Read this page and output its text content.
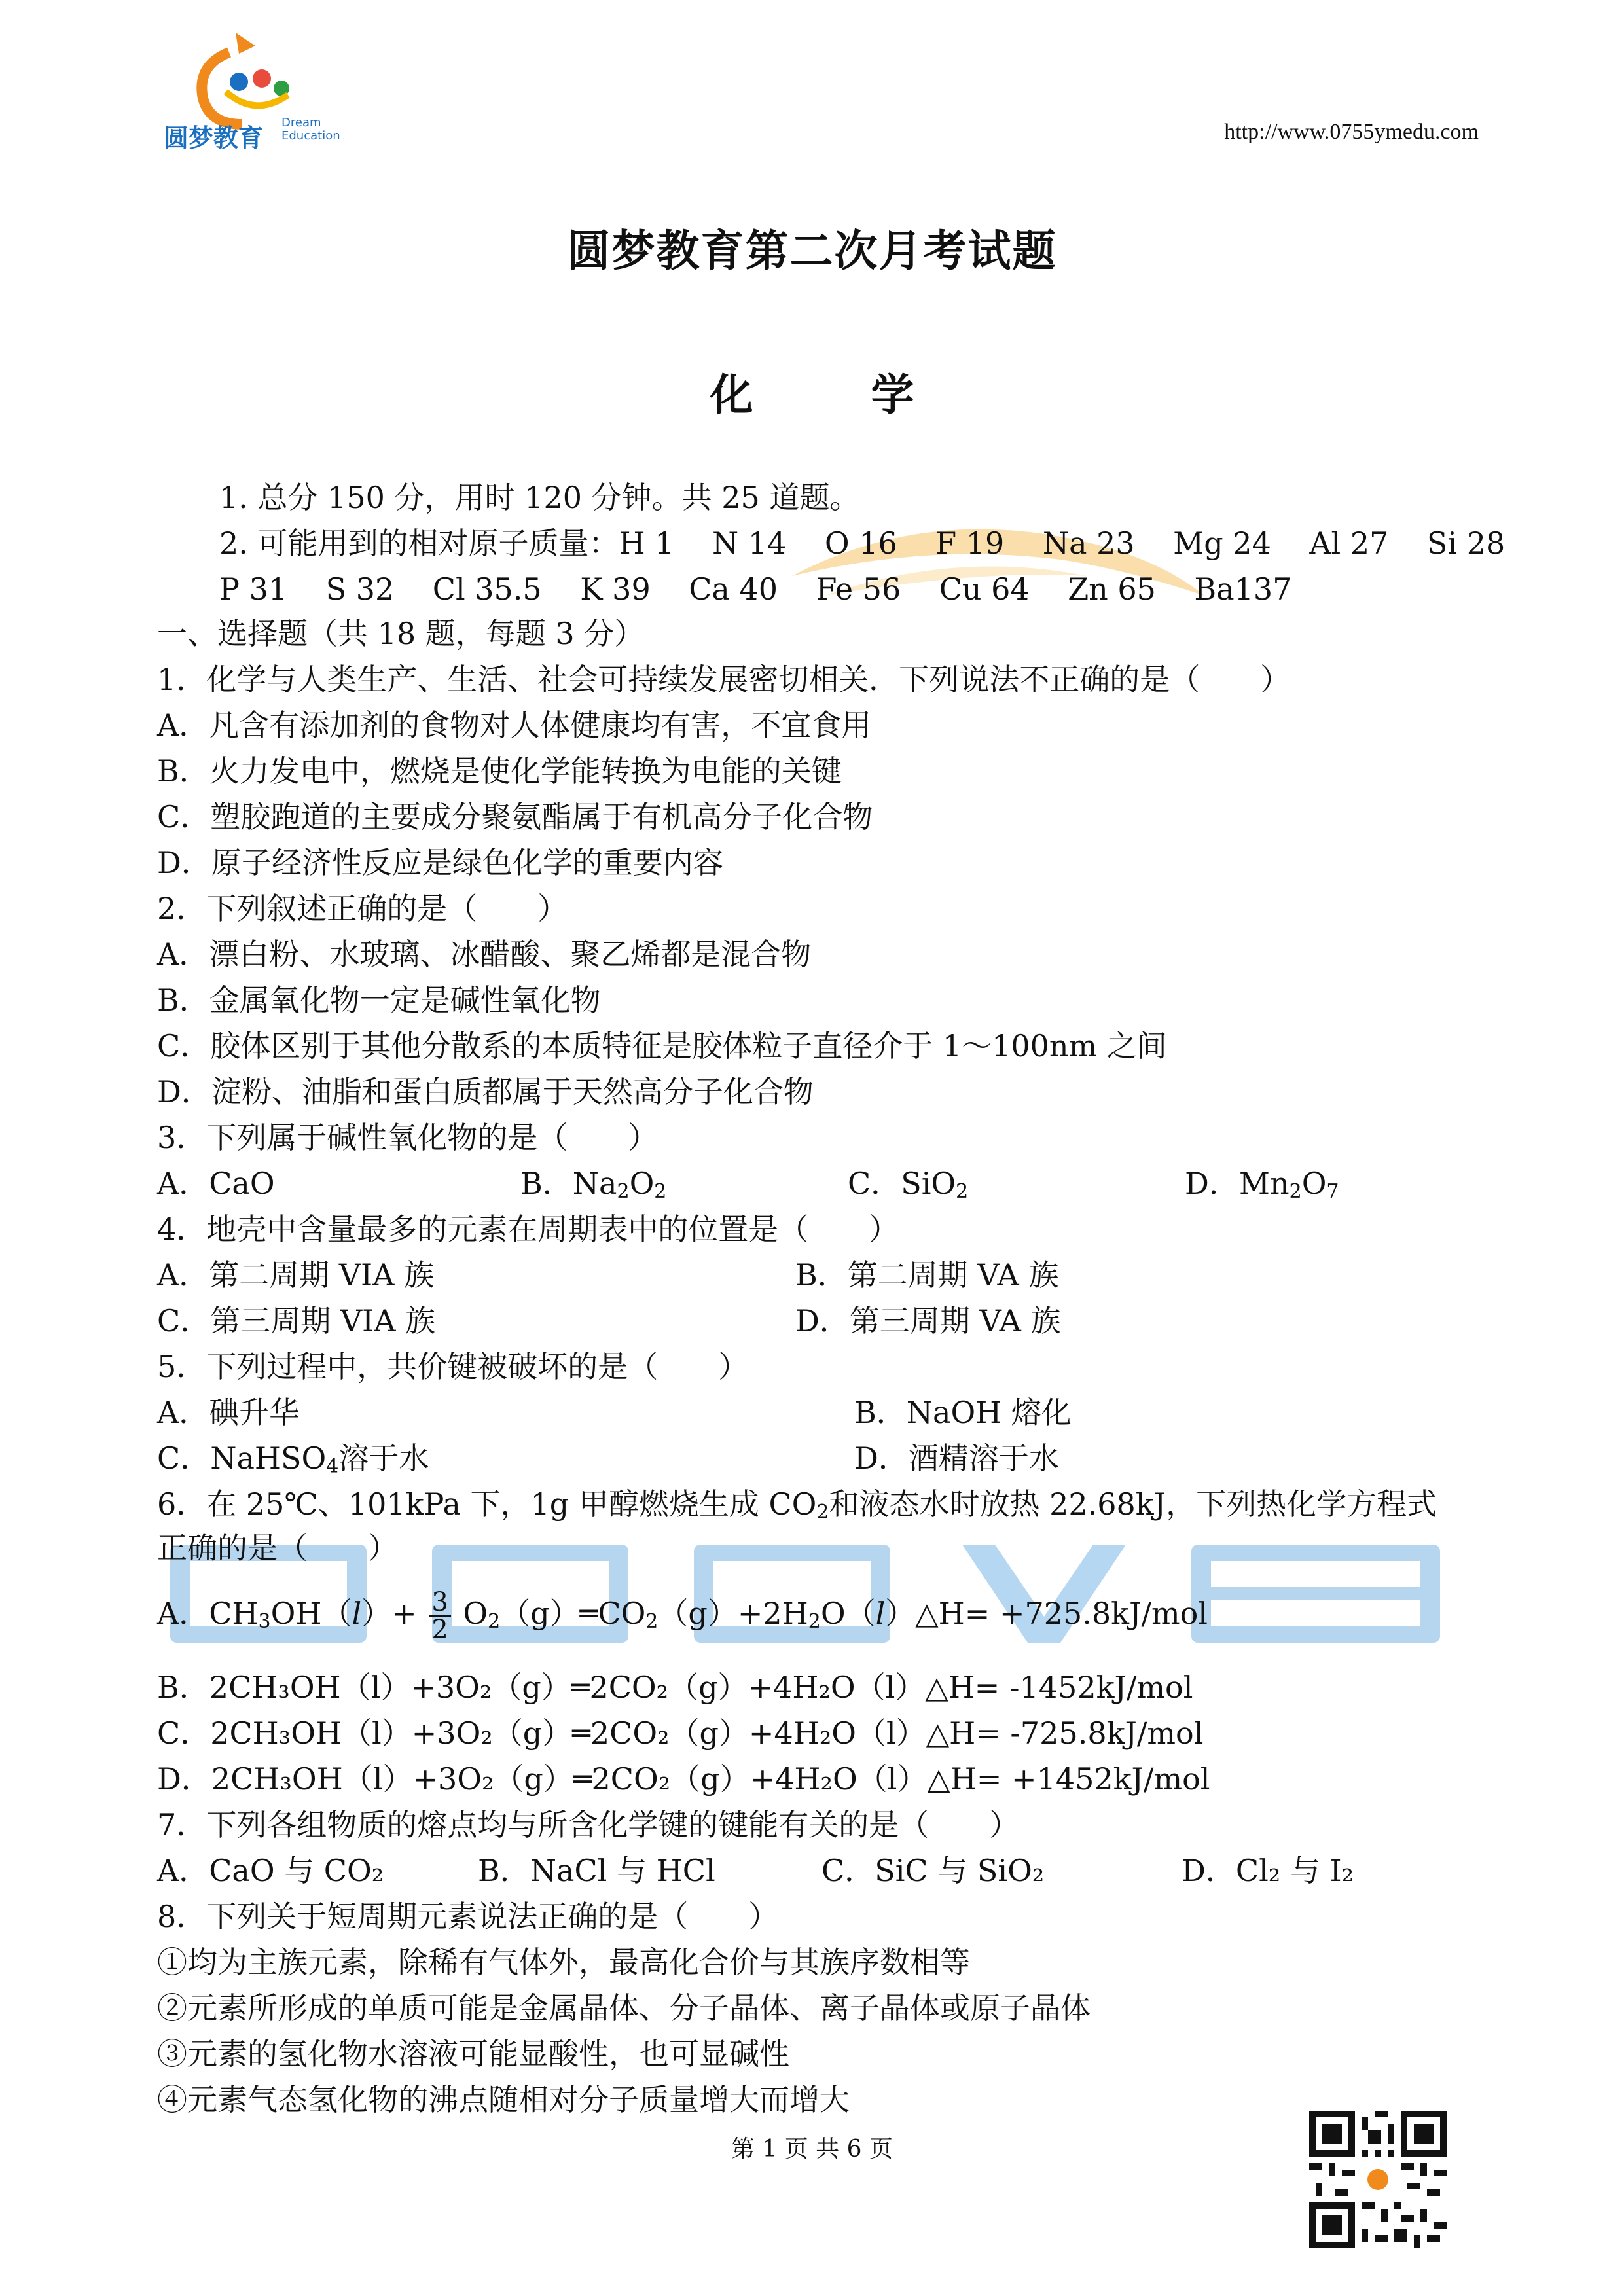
圆梦教育
Dream Education	http://www.0755ymedu.com
圆梦教育第二次月考试题
化	学
1. 总分 150 分，用时 120 分钟。共 25 道题。
2. 可能用到的相对原子质量：H 1    N 14    O 16    F 19    Na 23    Mg 24    Al 27    Si 28
P 31    S 32    Cl 35.5    K 39    Ca 40    Fe 56    Cu 64    Zn 65    Ba137
一、选择题（共 18 题，每题 3 分）
1．化学与人类生产、生活、社会可持续发展密切相关．下列说法不正确的是（　　）
A．凡含有添加剂的食物对人体健康均有害，不宜食用
B．火力发电中，燃烧是使化学能转换为电能的关键
C．塑胶跑道的主要成分聚氨酯属于有机高分子化合物
D．原子经济性反应是绿色化学的重要内容
2．下列叙述正确的是（　　）
A．漂白粉、水玻璃、冰醋酸、聚乙烯都是混合物
B．金属氧化物一定是碱性氧化物
C．胶体区别于其他分散系的本质特征是胶体粒子直径介于 1～100nm 之间
D．淀粉、油脂和蛋白质都属于天然高分子化合物
3．下列属于碱性氧化物的是（　　）
A．CaO	B．$Na_2O_2$	C．SiO$_2$	D．$Mn_2O_7$
4．地壳中含量最多的元素在周期表中的位置是（　　）
A．第二周期 VIA 族	B．第二周期 VA 族
C．第三周期 VIA 族	D．第三周期 VA 族
5．下列过程中，共价键被破坏的是（　　）
A．碘升华	B．NaOH 熔化
C．NaHSO$_4$溶于水	D．酒精溶于水
6．在 25℃、101kPa 下，1g 甲醇燃烧生成 $CO_2$和液态水时放热 22.68kJ，下列热化学方程式
正确的是（　　）
A．$CH_3OH(l)+ \frac{3}{2}$ $O_2(g)═CO_2(g)+2H_2O(l)\triangle H= +725.8kJ/mol$
B．2CH₃OH（l）+3O₂（g）═2CO₂（g）+4H₂O（l）△H= -1452kJ/mol
C．2CH₃OH（l）+3O₂（g）═2CO₂（g）+4H₂O（l）△H= -725.8kJ/mol
D．2CH₃OH（l）+3O₂（g）═2CO₂（g）+4H₂O（l）△H= +1452kJ/mol
7．下列各组物质的熔点均与所含化学键的键能有关的是（　　）
A．CaO 与 CO₂	B．NaCl 与 HCl	C．SiC 与 SiO₂	D．Cl₂ 与 I₂
8．下列关于短周期元素说法正确的是（　　）
①均为主族元素，除稀有气体外，最高化合价与其族序数相等
②元素所形成的单质可能是金属晶体、分子晶体、离子晶体或原子晶体
③元素的氢化物水溶液可能显酸性，也可显碱性
④元素气态氢化物的沸点随相对分子质量增大而增大
第 1 页 共 6 页
